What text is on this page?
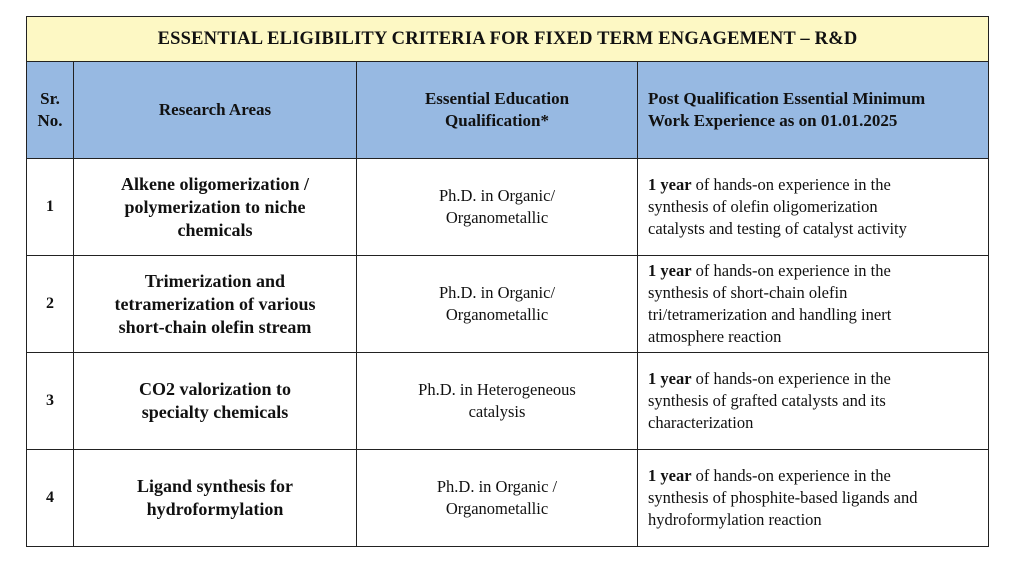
ESSENTIAL ELIGIBILITY CRITERIA FOR FIXED TERM ENGAGEMENT – R&D			

Sr.
No.	Research Areas	Essential Education
Qualification*	Post Qualification Essential Minimum
Work Experience as on 01.01.2025

1	Alkene oligomerization /
polymerization to niche
chemicals	Ph.D. in Organic/
Organometallic	1 year of hands-on experience in the
synthesis of olefin oligomerization
catalysts and testing of catalyst activity

2	Trimerization and
tetramerization of various
short-chain olefin stream	Ph.D. in Organic/
Organometallic	1 year of hands-on experience in the
synthesis of short-chain olefin
tri/tetramerization and handling inert
atmosphere reaction

3	CO2 valorization to
specialty chemicals	Ph.D. in Heterogeneous
catalysis	1 year of hands-on experience in the
synthesis of grafted catalysts and its
characterization

4	Ligand synthesis for
hydroformylation	Ph.D. in Organic /
Organometallic	1 year of hands-on experience in the
synthesis of phosphite-based ligands and
hydroformylation reaction
